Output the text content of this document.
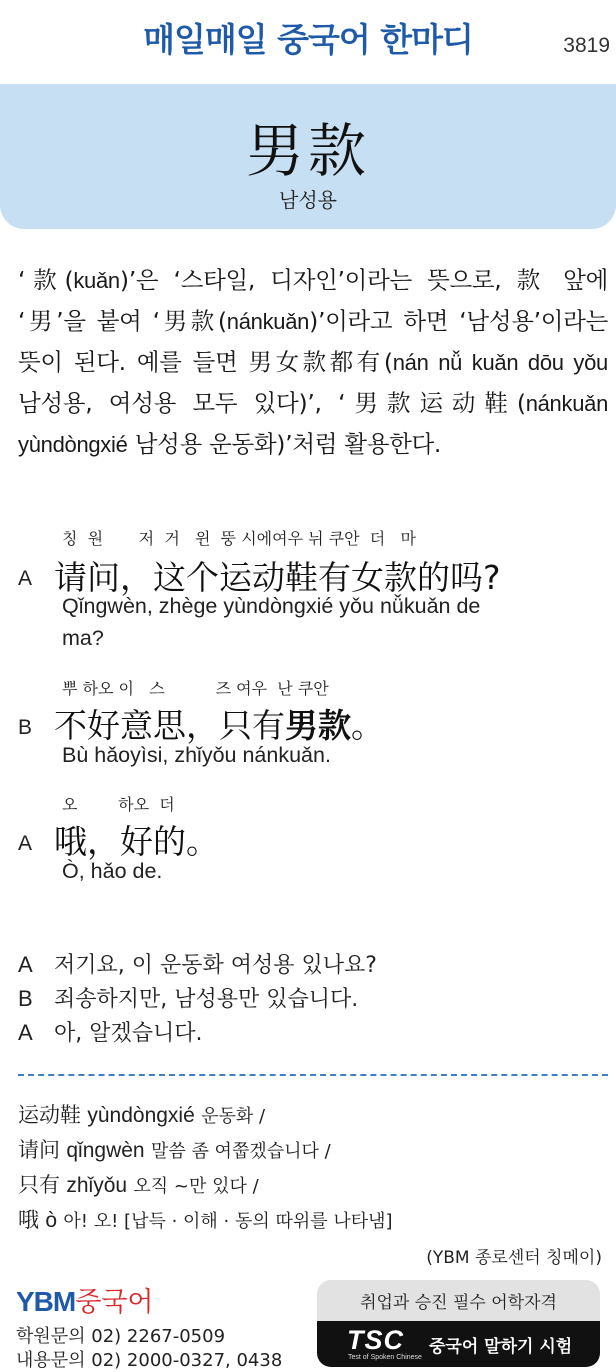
매일매일 중국어 한마디	3819
男款
남성용
‘款(kuǎn)’은 ‘스타일, 디자인’이라는 뜻으로, 款 앞에
‘男’을 붙여 ‘男款(nánkuǎn)’이라고 하면 ‘남성용’이라는
뜻이 된다. 예를 들면 男女款都有(nán nǚ kuǎn dōu yǒu
남성용, 여성용 모두 있다)’, ‘男款运动鞋(nánkuǎn
yùndòngxié 남성용 운동화)’처럼 활용한다.
칭  원       저  거   윈  뚱 시에여우 뉘 쿠안  더   마
A 请问，这个运动鞋有女款的吗?
Qǐngwèn, zhège yùndòngxié yǒu nǚkuǎn de
ma?
뿌 하오 이   스          즈 여우  난 쿠안
B 不好意思，只有男款。
Bù hǎoyìsi, zhǐyǒu nánkuǎn.
오        하오  더
A 哦，好的。
Ò, hǎo de.
A 저기요, 이 운동화 여성용 있나요?
B 죄송하지만, 남성용만 있습니다.
A 아, 알겠습니다.
运动鞋 yùndòngxié 운동화 /
请问 qǐngwèn 말씀 좀 여쭙겠습니다 /
只有 zhǐyǒu 오직 ~만 있다 /
哦 ò 아! 오! [납득 · 이해 · 동의 따위를 나타냄]
(YBM 종로센터 칭메이)
YBM중국어
학원문의 02) 2267-0509
내용문의 02) 2000-0327, 0438
취업과 승진 필수 어학자격
TSC
Test of Spoken Chinese
중국어 말하기 시험
